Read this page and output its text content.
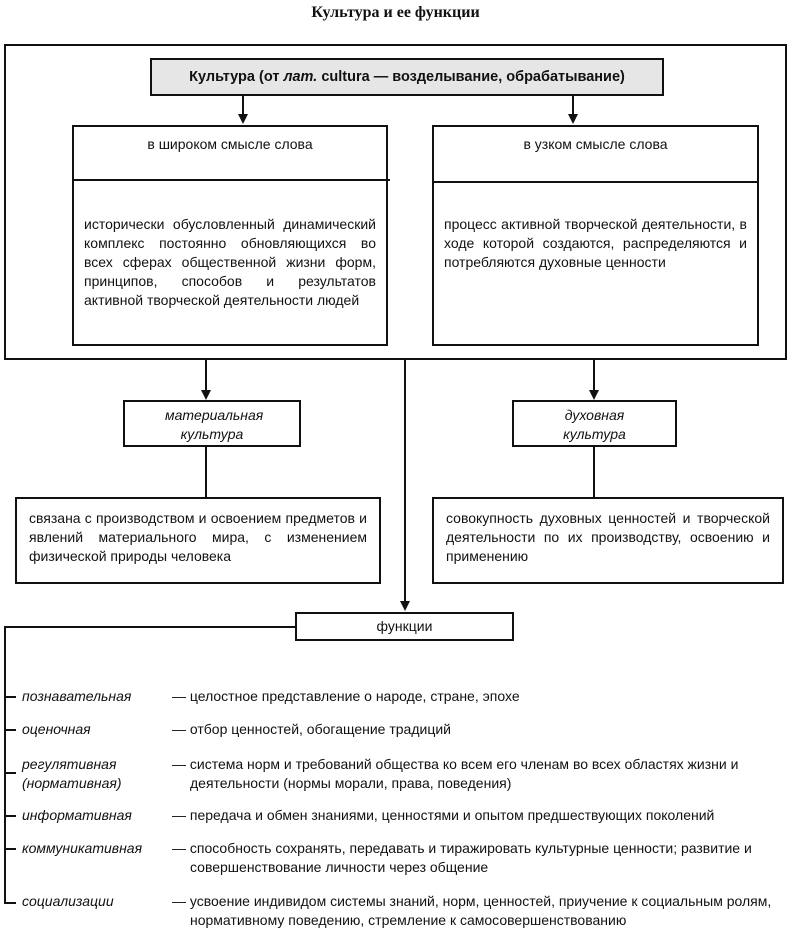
Культура и ее функции
Культура (от лат. cultura — возделывание, обрабатывание)
в широком смысле слова
исторически обусловленный динамический комплекс постоянно обновляющихся во всех сферах общественной жизни форм, принципов, способов и результатов активной творческой деятельности людей
в узком смысле слова
процесс активной творческой деятельности, в ходе которой создаются, распределяются и потребляются духовные ценности
материальная культура
связана с производством и освоением предметов и явлений материального мира, с изменением физической природы человека
духовная культура
совокупность духовных ценностей и творческой деятельности по их производству, освоению и применению
функции
познавательная	— целостное представление о народе, стране, эпохе
оценочная	— отбор ценностей, обогащение традиций
регулятивная (нормативная)
— система норм и требований общества ко всем его членам во всех областях жизни и деятельности (нормы морали, права, поведения)
информативная	— передача и обмен знаниями, ценностями и опытом предшествующих поколений
коммуникативная — способность сохранять, передавать и тиражировать культурные ценности; развитие и совершенствование личности через общение
социализации	— усвоение индивидом системы знаний, норм, ценностей, приучение к социальным ролям, нормативному поведению, стремление к самосовершенствованию
